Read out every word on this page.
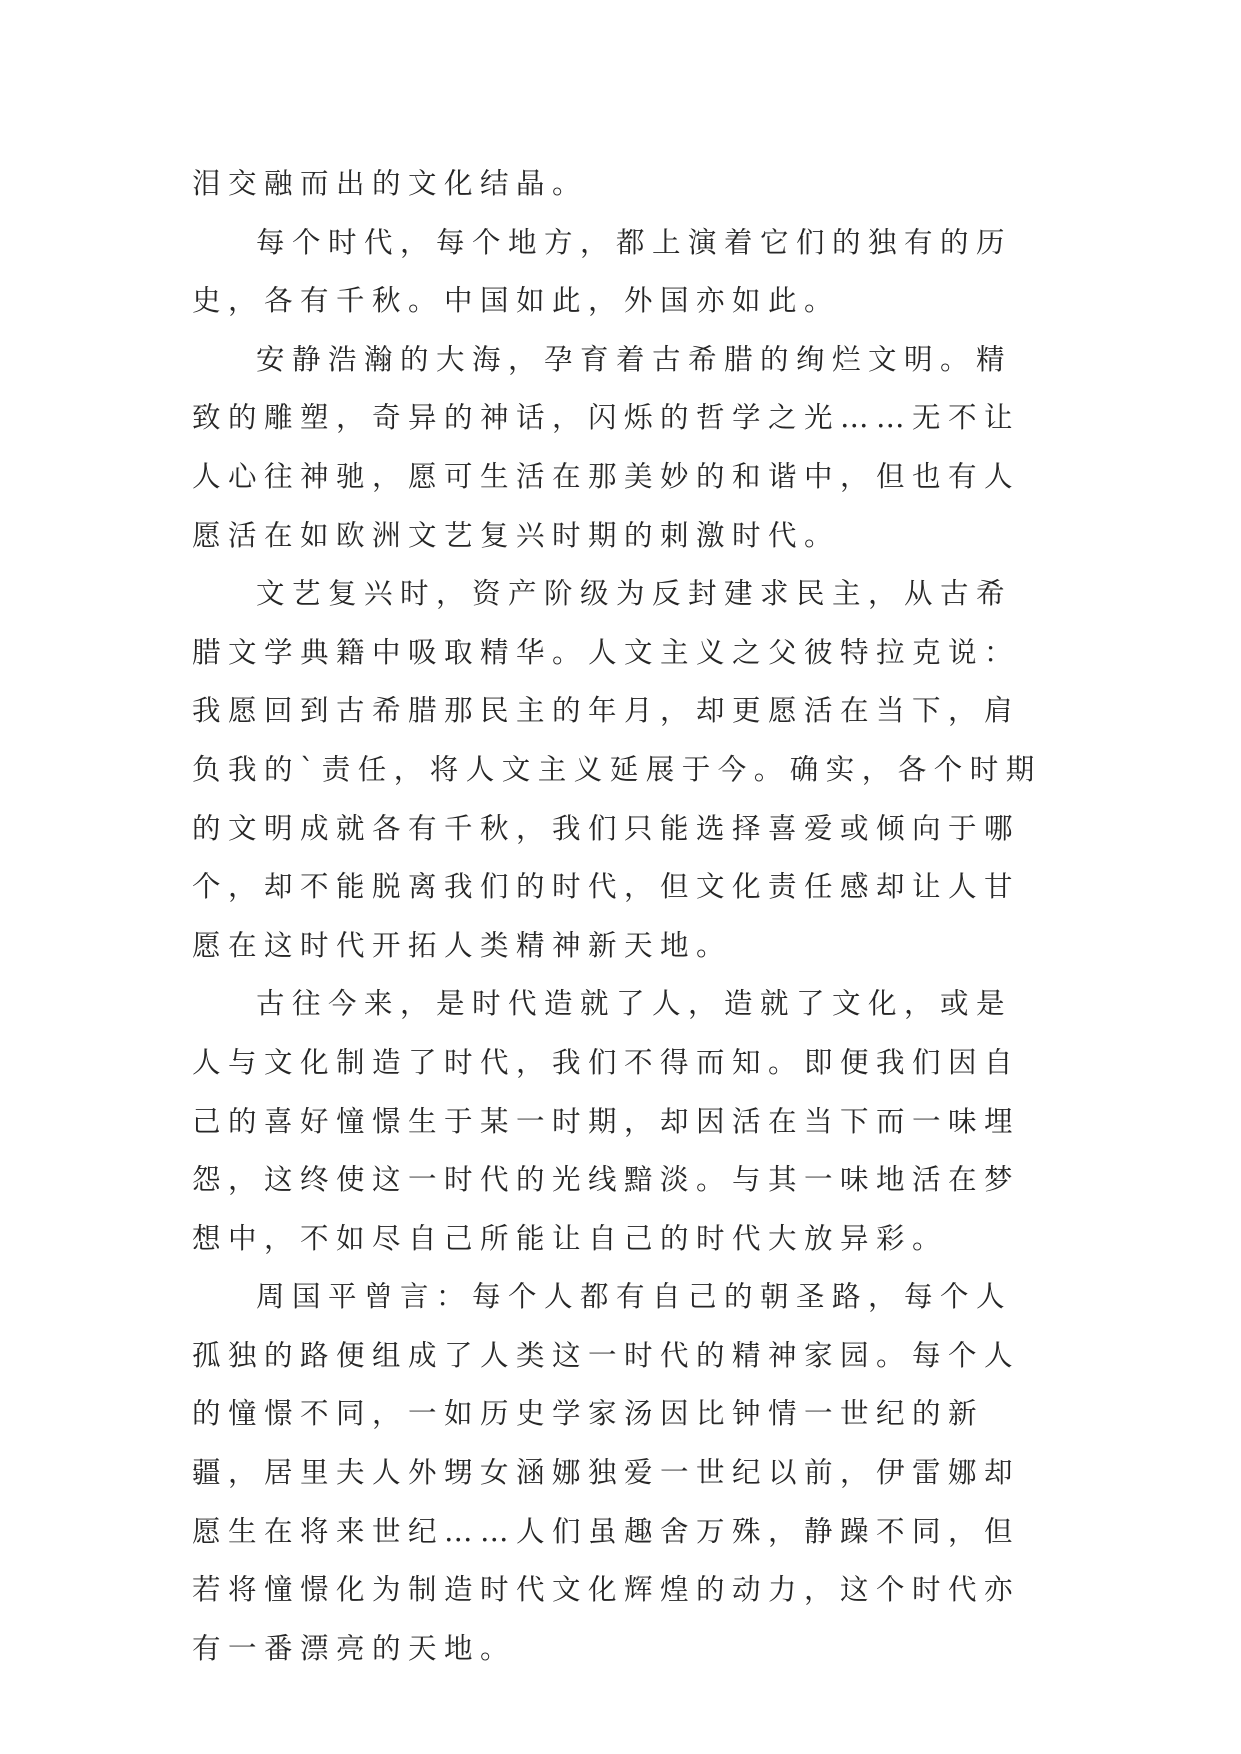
泪交融而出的文化结晶。

每个时代，每个地方，都上演着它们的独有的历史，各有千秋。中国如此，外国亦如此。

安静浩瀚的大海，孕育着古希腊的绚烂文明。精致的雕塑，奇异的神话，闪烁的哲学之光……无不让人心往神驰，愿可生活在那美妙的和谐中，但也有人愿活在如欧洲文艺复兴时期的刺激时代。

文艺复兴时，资产阶级为反封建求民主，从古希腊文学典籍中吸取精华。人文主义之父彼特拉克说：我愿回到古希腊那民主的年月，却更愿活在当下，肩负我的`责任，将人文主义延展于今。确实，各个时期的文明成就各有千秋，我们只能选择喜爱或倾向于哪个，却不能脱离我们的时代，但文化责任感却让人甘愿在这时代开拓人类精神新天地。

古往今来，是时代造就了人，造就了文化，或是人与文化制造了时代，我们不得而知。即便我们因自己的喜好憧憬生于某一时期，却因活在当下而一味埋怨，这终使这一时代的光线黯淡。与其一味地活在梦想中，不如尽自己所能让自己的时代大放异彩。

周国平曾言：每个人都有自己的朝圣路，每个人孤独的路便组成了人类这一时代的精神家园。每个人的憧憬不同，一如历史学家汤因比钟情一世纪的新疆，居里夫人外甥女涵娜独爱一世纪以前，伊雷娜却愿生在将来世纪……人们虽趣舍万殊，静躁不同，但若将憧憬化为制造时代文化辉煌的动力，这个时代亦有一番漂亮的天地。
